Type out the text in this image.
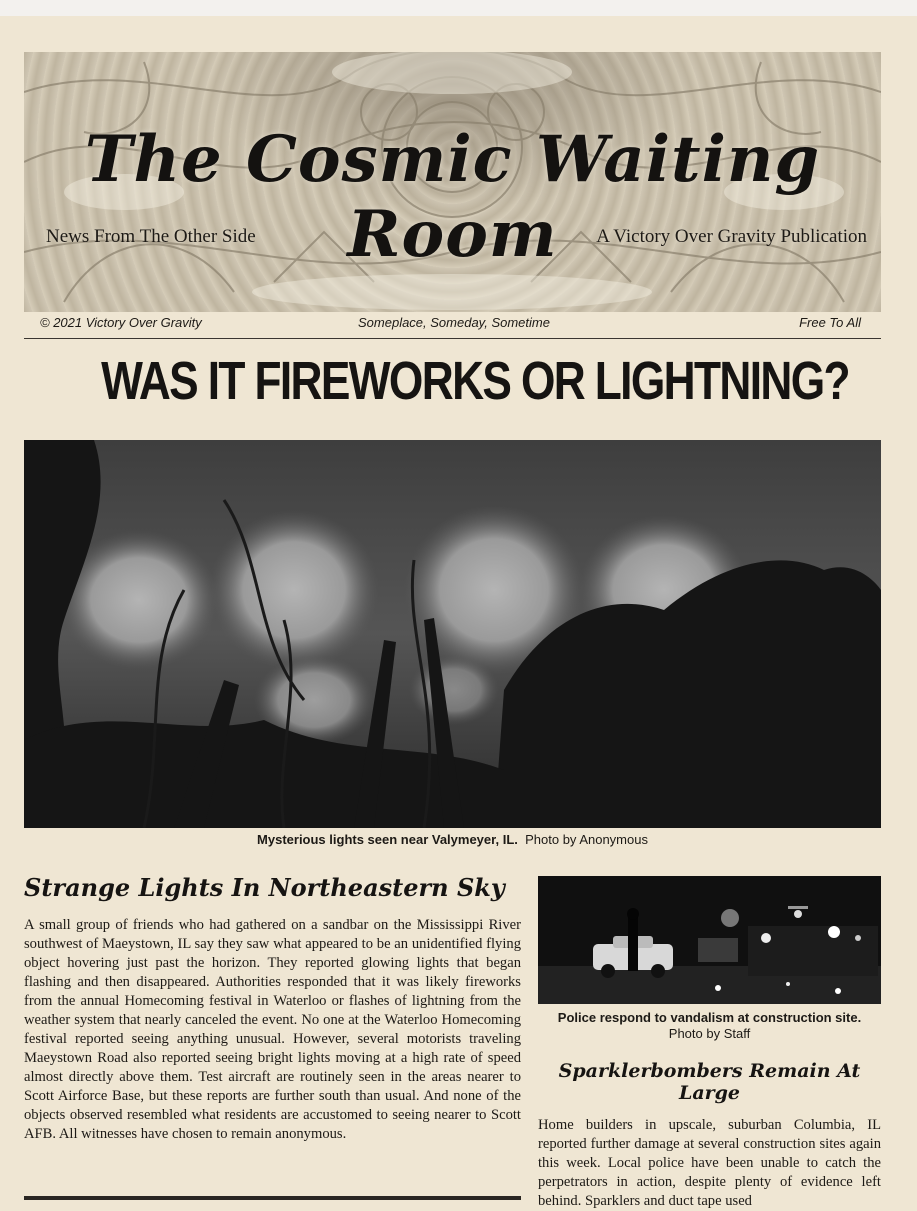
The Cosmic Waiting Room
News From The Other Side	A Victory Over Gravity Publication
© 2021 Victory Over Gravity	Someplace, Someday, Sometime	Free To All
WAS IT FIREWORKS OR LIGHTNING?
Mysterious lights seen near Valymeyer, IL. Photo by Anonymous
Strange Lights In Northeastern Sky

A small group of friends who had gathered on a sandbar on the Mississippi River southwest of Maeystown, IL say they saw what appeared to be an unidentified flying object hovering just past the horizon. They reported glowing lights that began flashing and then disappeared. Authorities responded that it was likely fireworks from the annual Homecoming festival in Waterloo or flashes of lightning from the weather system that nearly canceled the event. No one at the Waterloo Homecoming festival reported seeing anything unusual. However, several motorists traveling Maeystown Road also reported seeing bright lights moving at a high rate of speed almost directly above them. Test aircraft are routinely seen in the areas nearer to Scott Airforce Base, but these reports are further south than usual. And none of the objects observed resembled what residents are accustomed to seeing nearer to Scott AFB. All witnesses have chosen to remain anonymous.

Police respond to vandalism at construction site.
Photo by Staff
Sparklerbombers Remain At Large

Home builders in upscale, suburban Columbia, IL reported further damage at several construction sites again this week. Local police have been unable to catch the perpetrators in action, despite plenty of evidence left behind. Sparklers and duct tape used
